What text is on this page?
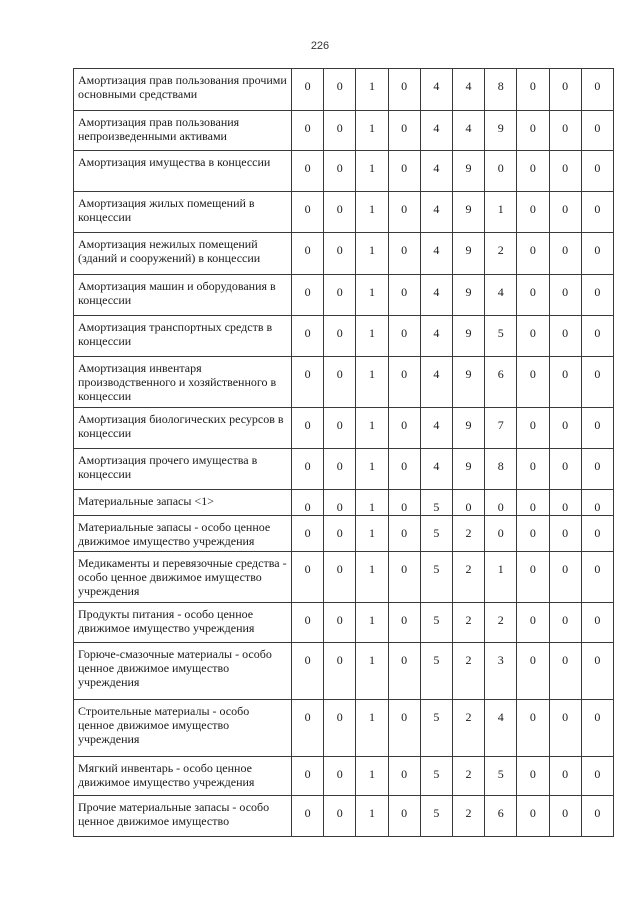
226
Амортизация прав пользования прочими основными средствами	0	0	1	0	4	4	8	0	0	0
Амортизация прав пользования непроизведенными активами	0	0	1	0	4	4	9	0	0	0
Амортизация имущества в концессии	0	0	1	0	4	9	0	0	0	0
Амортизация жилых помещений в концессии	0	0	1	0	4	9	1	0	0	0
Амортизация нежилых помещений (зданий и сооружений) в концессии	0	0	1	0	4	9	2	0	0	0
Амортизация машин и оборудования в концессии	0	0	1	0	4	9	4	0	0	0
Амортизация транспортных средств в концессии	0	0	1	0	4	9	5	0	0	0
Амортизация инвентаря производственного и хозяйственного в концессии	0	0	1	0	4	9	6	0	0	0
Амортизация биологических ресурсов в концессии	0	0	1	0	4	9	7	0	0	0
Амортизация прочего имущества в концессии	0	0	1	0	4	9	8	0	0	0
Материальные запасы <1>	0	0	1	0	5	0	0	0	0	0
Материальные запасы - особо ценное движимое имущество учреждения	0	0	1	0	5	2	0	0	0	0
Медикаменты и перевязочные средства - особо ценное движимое имущество учреждения	0	0	1	0	5	2	1	0	0	0
Продукты питания - особо ценное движимое имущество учреждения	0	0	1	0	5	2	2	0	0	0
Горюче-смазочные материалы - особо ценное движимое имущество учреждения	0	0	1	0	5	2	3	0	0	0
Строительные материалы - особо ценное движимое имущество учреждения	0	0	1	0	5	2	4	0	0	0
Мягкий инвентарь - особо ценное движимое имущество учреждения	0	0	1	0	5	2	5	0	0	0
Прочие материальные запасы - особо ценное движимое имущество	0	0	1	0	5	2	6	0	0	0
